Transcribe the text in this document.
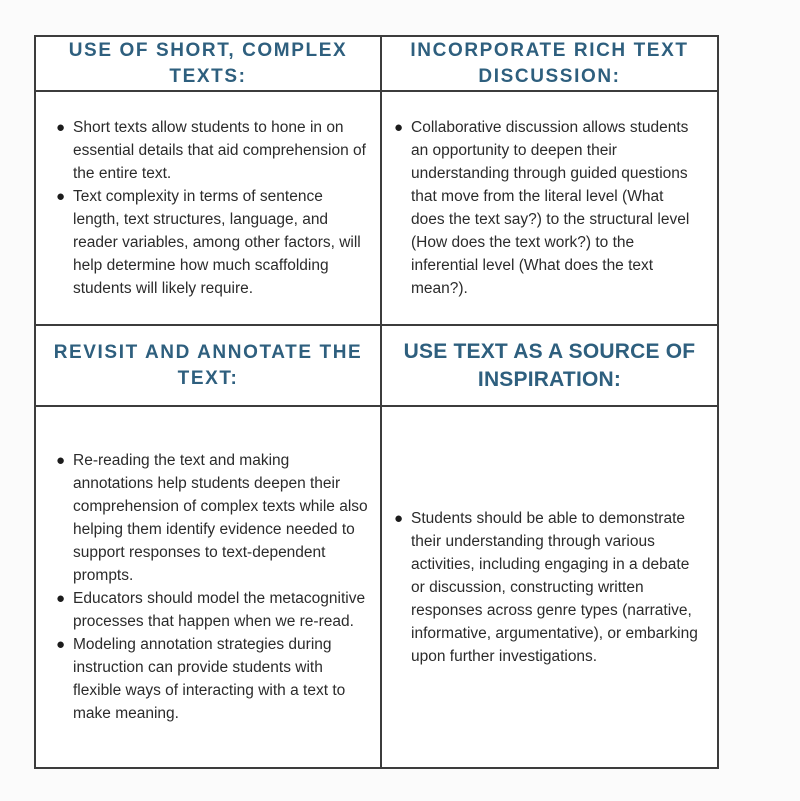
USE OF SHORT, COMPLEX TEXTS:
INCORPORATE RICH TEXT DISCUSSION:
● Short texts allow students to hone in on essential details that aid comprehension of the entire text.
● Text complexity in terms of sentence length, text structures, language, and reader variables, among other factors, will help determine how much scaffolding students will likely require.
● Collaborative discussion allows students an opportunity to deepen their understanding through guided questions that move from the literal level (What does the text say?) to the structural level (How does the text work?) to the inferential level (What does the text mean?).
REVISIT AND ANNOTATE THE TEXT:
USE TEXT AS A SOURCE OF INSPIRATION:
● Re-reading the text and making annotations help students deepen their comprehension of complex texts while also helping them identify evidence needed to support responses to text-dependent prompts.
● Educators should model the metacognitive processes that happen when we re-read.
● Modeling annotation strategies during instruction can provide students with flexible ways of interacting with a text to make meaning.
● Students should be able to demonstrate their understanding through various activities, including engaging in a debate or discussion, constructing written responses across genre types (narrative, informative, argumentative), or embarking upon further investigations.
